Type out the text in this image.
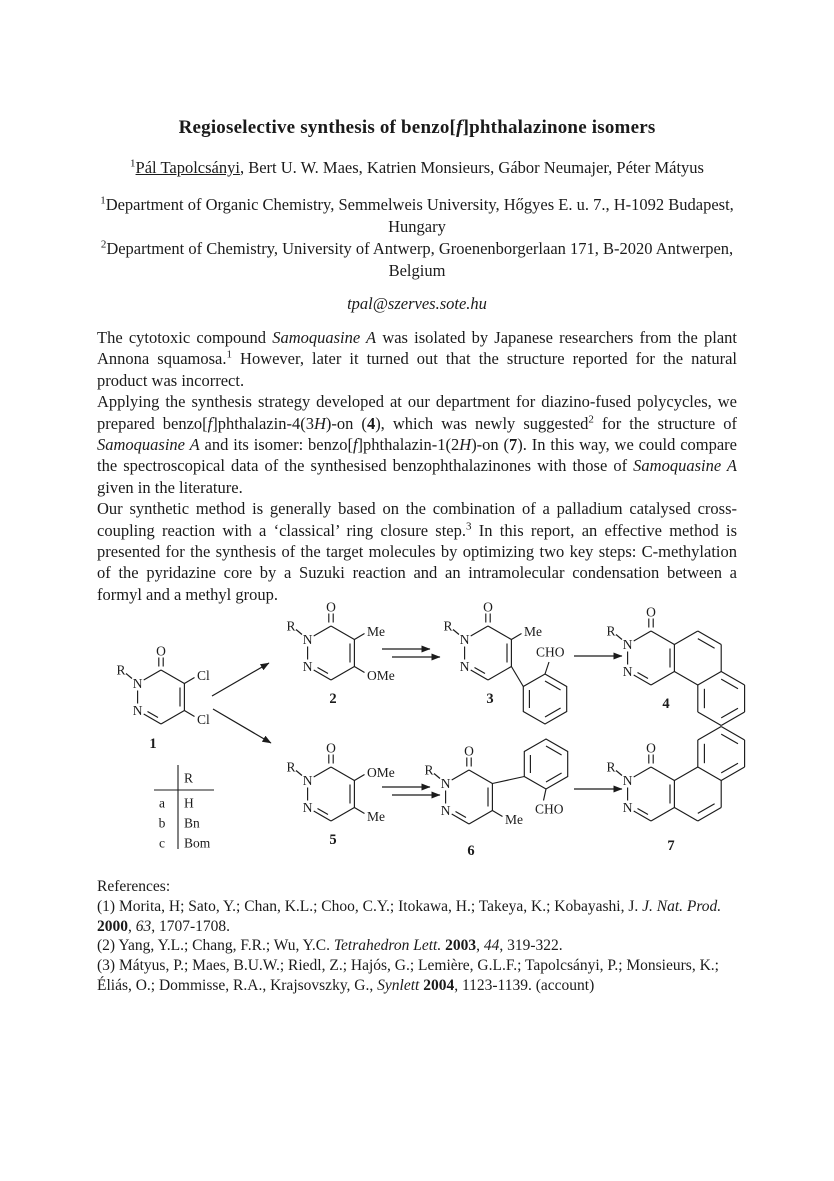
Regioselective synthesis of benzo[f]phthalazinone isomers
$^1$Pál Tapolcsányi, Bert U. W. Maes, Katrien Monsieurs, Gábor Neumajer, Péter Mátyus
$^1$Department of Organic Chemistry, Semmelweis University, Hőgyes E. u. 7., H-1092 Budapest, Hungary
$^2$Department of Chemistry, University of Antwerp, Groenenborgerlaan 171, B-2020 Antwerpen, Belgium
tpal@szerves.sote.hu

The cytotoxic compound Samoquasine A was isolated by Japanese researchers from the plant Annona squamosa.$^1$ However, later it turned out that the structure reported for the natural product was incorrect.

Applying the synthesis strategy developed at our department for diazino-fused polycycles, we prepared benzo[f]phthalazin-4(3H)-on (4), which was newly suggested$^2$ for the structure of Samoquasine A and its isomer: benzo[f]phthalazin-1(2H)-on (7). In this way, we could compare the spectroscopical data of the synthesised benzophthalazinones with those of Samoquasine A given in the literature.

Our synthetic method is generally based on the combination of a palladium catalysed cross-coupling reaction with a ‘classical’ ring closure step.$^3$ In this report, an effective method is presented for the synthesis of the target molecules by optimizing two key steps: C-methylation of the pyridazine core by a Suzuki reaction and an intramolecular condensation between a formyl and a methyl group.

Cl
Cl
1
Me
OMe
2
Me
CHO
3	4
OMe
Me
5
Me
CHO
6	7
R
a H
b Bn
c Bom

References:

(1) Morita, H; Sato, Y.; Chan, K.L.; Choo, C.Y.; Itokawa, H.; Takeya, K.; Kobayashi, J. J. Nat. Prod. 2000, 63, 1707-1708.

(2) Yang, Y.L.; Chang, F.R.; Wu, Y.C. Tetrahedron Lett. 2003, 44, 319-322.

(3) Mátyus, P.; Maes, B.U.W.; Riedl, Z.; Hajós, G.; Lemière, G.L.F.; Tapolcsányi, P.; Monsieurs, K.; Éliás, O.; Dommisse, R.A., Krajsovszky, G., Synlett 2004, 1123-1139. (account)
